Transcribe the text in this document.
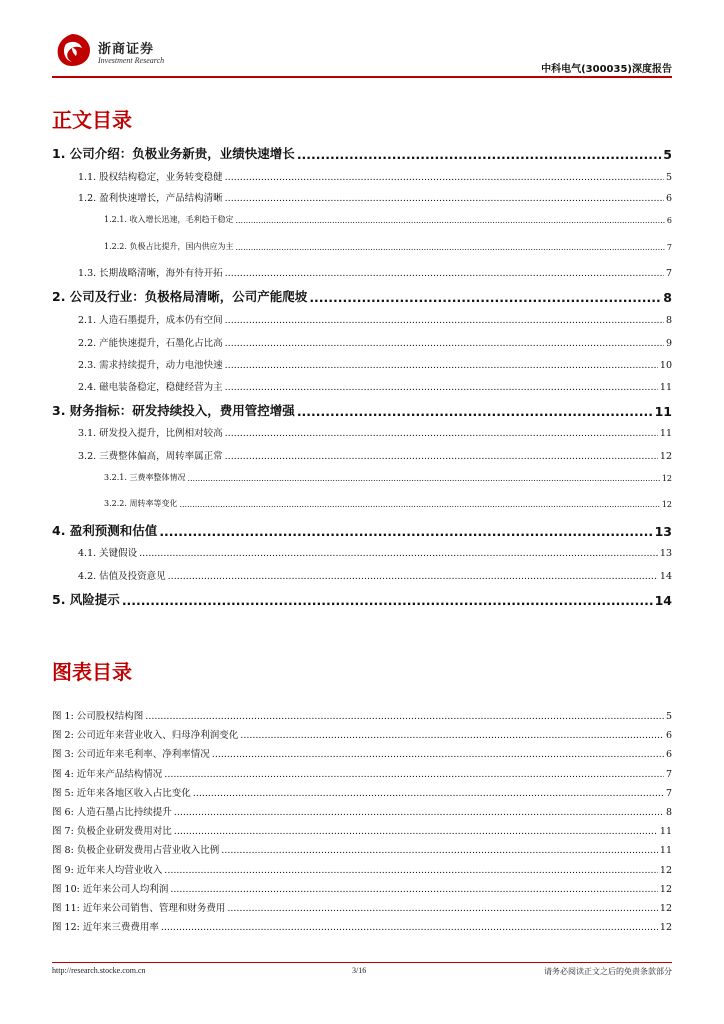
浙商证券
Investment Research
中科电气(300035)深度报告
正文目录
1. 公司介绍：负极业务新贵，业绩快速增长 .....	5
1.1. 股权结构稳定，业务转变稳健 .....	5
1.2. 盈利快速增长，产品结构清晰 .....	6
1.2.1. 收入增长迅速，毛利趋于稳定 .....	6
1.2.2. 负极占比提升，国内供应为主 .....	7
1.3. 长期战略清晰，海外有待开拓 .....	7
2. 公司及行业：负极格局清晰，公司产能爬坡 .....	8
2.1. 人造石墨提升，成本仍有空间 .....	8
2.2. 产能快速提升，石墨化占比高 .....	9
2.3. 需求持续提升，动力电池快速 .....	10
2.4. 磁电装备稳定，稳健经营为主 .....	11
3. 财务指标：研发持续投入，费用管控增强 .....	11
3.1. 研发投入提升，比例相对较高 .....	11
3.2. 三费整体偏高，周转率属正常 .....	12
3.2.1. 三费率整体情况 .....	12
3.2.2. 周转率等变化 .....	12
4. 盈利预测和估值 .....	13
4.1. 关键假设 .....	13
4.2. 估值及投资意见 .....	14
5. 风险提示 .....	14
图表目录
图 1: 公司股权结构图 .....	5
图 2: 公司近年来营业收入、归母净利润变化 .....	6
图 3: 公司近年来毛利率、净利率情况 .....	6
图 4: 近年来产品结构情况 .....	7
图 5: 近年来各地区收入占比变化 .....	7
图 6: 人造石墨占比持续提升 .....	8
图 7: 负极企业研发费用对比 .....	11
图 8: 负极企业研发费用占营业收入比例 .....	11
图 9: 近年来人均营业收入 .....	12
图 10: 近年来公司人均利润 .....	12
图 11: 近年来公司销售、管理和财务费用 .....	12
图 12: 近年来三费费用率 .....	12
http://research.stocke.com.cn	3/16	请务必阅读正文之后的免责条款部分
